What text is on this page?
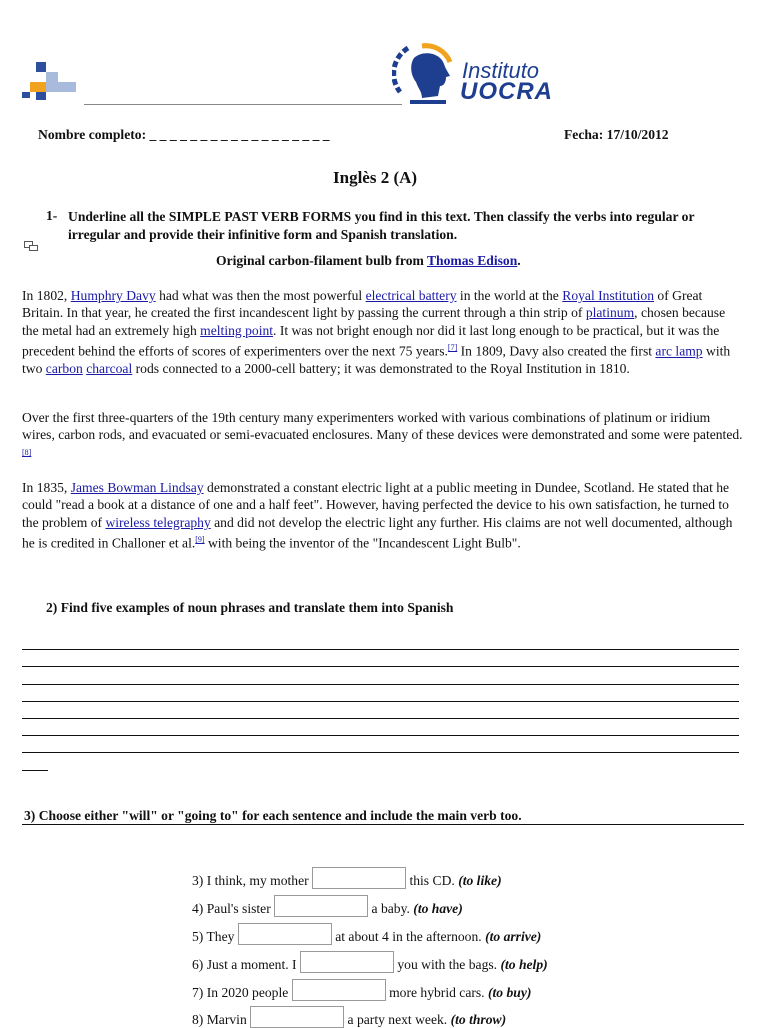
Instituto
UOCRA
Nombre completo: _ _ _ _ _ _ _ _ _ _ _ _ _ _ _ _ _ _	Fecha: 17/10/2012
Inglès 2 (A)
1- Underline all the SIMPLE PAST VERB FORMS you find in this text. Then classify the verbs into regular or irregular and provide their infinitive form and Spanish translation.
Original carbon-filament bulb from Thomas Edison.
In 1802, Humphry Davy had what was then the most powerful electrical battery in the world at the Royal Institution of Great Britain. In that year, he created the first incandescent light by passing the current through a thin strip of platinum, chosen because the metal had an extremely high melting point. It was not bright enough nor did it last long enough to be practical, but it was the precedent behind the efforts of scores of experimenters over the next 75 years.[7] In 1809, Davy also created the first arc lamp with two carbon charcoal rods connected to a 2000-cell battery; it was demonstrated to the Royal Institution in 1810.
Over the first three-quarters of the 19th century many experimenters worked with various combinations of platinum or iridium wires, carbon rods, and evacuated or semi-evacuated enclosures. Many of these devices were demonstrated and some were patented.[8]
In 1835, James Bowman Lindsay demonstrated a constant electric light at a public meeting in Dundee, Scotland. He stated that he could "read a book at a distance of one and a half feet". However, having perfected the device to his own satisfaction, he turned to the problem of wireless telegraphy and did not develop the electric light any further. His claims are not well documented, although he is credited in Challoner et al.[9] with being the inventor of the "Incandescent Light Bulb".
2) Find five examples of noun phrases and translate them into Spanish
3) Choose either "will" or "going to" for each sentence and include the main verb too.
3) I think, my mother	this CD. (to like)
4) Paul's sister	a baby. (to have)
5) They	at about 4 in the afternoon. (to arrive)
6) Just a moment. I	you with the bags. (to help)
7) In 2020 people	more hybrid cars. (to buy)
8) Marvin	a party next week. (to throw)
